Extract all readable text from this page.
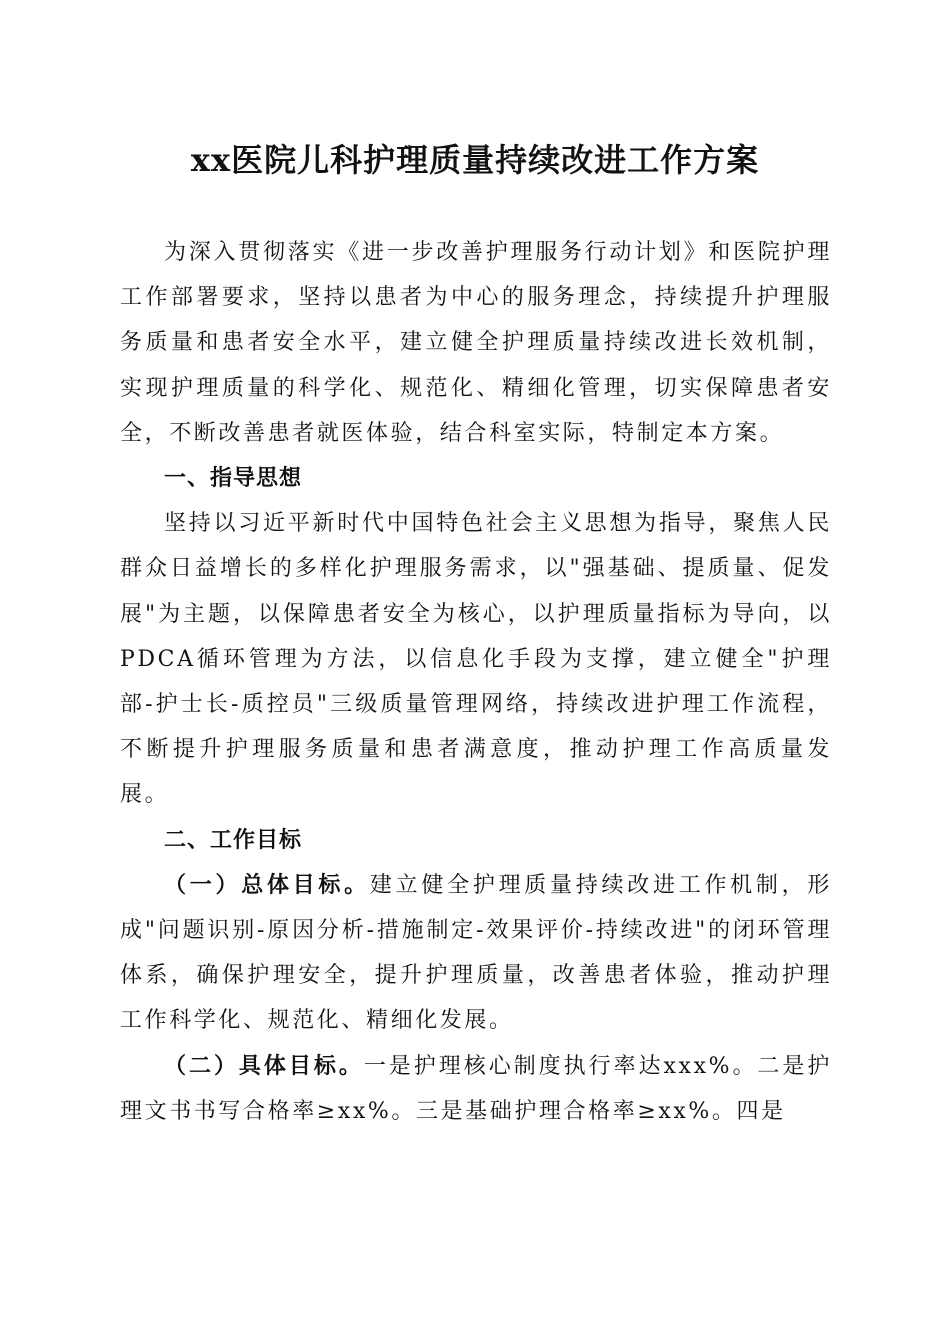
xx医院儿科护理质量持续改进工作方案

为深入贯彻落实《进一步改善护理服务行动计划》和医院护理工作部署要求，坚持以患者为中心的服务理念，持续提升护理服务质量和患者安全水平，建立健全护理质量持续改进长效机制，实现护理质量的科学化、规范化、精细化管理，切实保障患者安全，不断改善患者就医体验，结合科室实际，特制定本方案。

一、指导思想

坚持以习近平新时代中国特色社会主义思想为指导，聚焦人民群众日益增长的多样化护理服务需求，以"强基础、提质量、促发展"为主题，以保障患者安全为核心，以护理质量指标为导向，以PDCA循环管理为方法，以信息化手段为支撑，建立健全"护理部-护士长-质控员"三级质量管理网络，持续改进护理工作流程，不断提升护理服务质量和患者满意度，推动护理工作高质量发展。

二、工作目标

（一）总体目标。建立健全护理质量持续改进工作机制，形成"问题识别-原因分析-措施制定-效果评价-持续改进"的闭环管理体系，确保护理安全，提升护理质量，改善患者体验，推动护理工作科学化、规范化、精细化发展。

（二）具体目标。一是护理核心制度执行率达xxx%。二是护理文书书写合格率≥xx%。三是基础护理合格率≥xx%。四是
